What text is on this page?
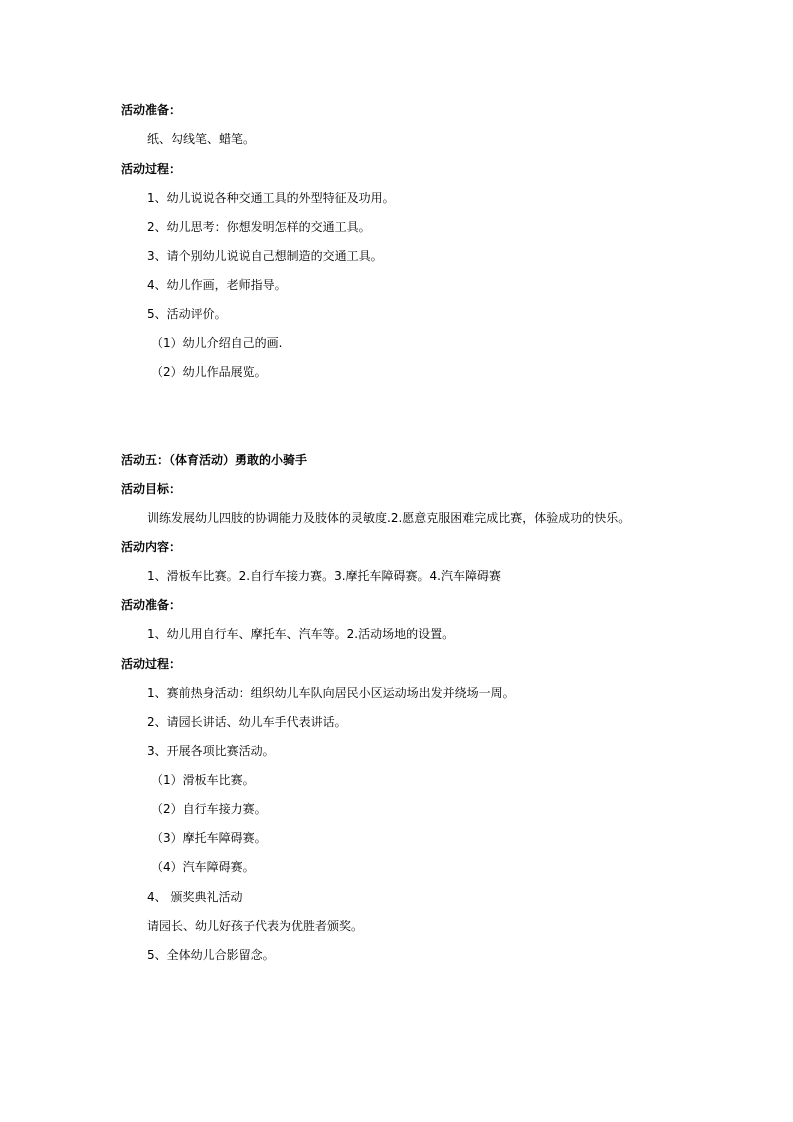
活动准备：
纸、勾线笔、蜡笔。
活动过程：
1、幼儿说说各种交通工具的外型特征及功用。
2、幼儿思考：你想发明怎样的交通工具。
3、请个别幼儿说说自己想制造的交通工具。
4、幼儿作画，老师指导。
5、活动评价。
（1）幼儿介绍自己的画.
（2）幼儿作品展览。
活动五：（体育活动）勇敢的小骑手
活动目标：
训练发展幼儿四肢的协调能力及肢体的灵敏度.2.愿意克服困难完成比赛，体验成功的快乐。
活动内容：
1、滑板车比赛。2.自行车接力赛。3.摩托车障碍赛。4.汽车障碍赛
活动准备：
1、幼儿用自行车、摩托车、汽车等。2.活动场地的设置。
活动过程：
1、赛前热身活动：组织幼儿车队向居民小区运动场出发并绕场一周。
2、请园长讲话、幼儿车手代表讲话。
3、开展各项比赛活动。
（1）滑板车比赛。
（2）自行车接力赛。
（3）摩托车障碍赛。
（4）汽车障碍赛。
4、 颁奖典礼活动
请园长、幼儿好孩子代表为优胜者颁奖。
5、全体幼儿合影留念。
